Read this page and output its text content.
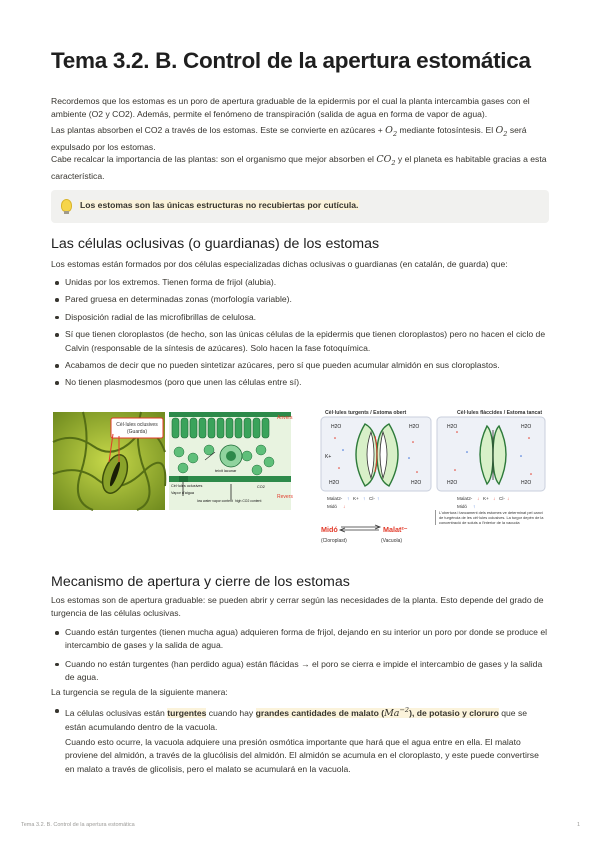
Tema 3.2. B. Control de la apertura estomática

Recordemos que los estomas es un poro de apertura graduable de la epidermis por el cual la planta intercambia gases con el ambiente (O2 y CO2). Además, permite el fenómeno de transpiración (salida de agua en forma de vapor de agua).

Las plantas absorben el CO2 a través de los estomas. Este se convierte en azúcares + $O_2$ mediante fotosíntesis. El $O_2$ será expulsado por los estomas.

Cabe recalcar la importancia de las plantas: son el organismo que mejor absorben el $CO_2$ y el planeta es habitable gracias a esta característica.

Los estomas son las únicas estructuras no recubiertas por cutícula.
Las células oclusivas (o guardianas) de los estomas

Los estomas están formados por dos células especializadas dichas oclusivas o guardianas (en catalán, de guarda) que:

Unidas por los extremos. Tienen forma de frijol (alubia).
Pared gruesa en determinadas zonas (morfología variable).
Disposición radial de las microfibrillas de celulosa.
Sí que tienen cloroplastos (de hecho, son las únicas células de la epidermis que tienen cloroplastos) pero no hacen el ciclo de Calvin (responsable de la síntesis de azúcares). Solo hacen la fase fotoquímica.
Acabamos de decir que no pueden sintetizar azúcares, pero sí que pueden acumular almidón en sus cloroplastos.
No tienen plasmodesmos (poro que unen las células entre sí).
Cèl·lules oclusives
(Guarda)
Anvers
Revers
Cèl·lules oclusives
Vapor d'aigua
teixit lacunar
low water vapor content high CO2 content
CO2
Cèl·lules turgents / Estoma obert	Cèl·lules flàccides / Estoma tancat
H2O	H2O
H2O	H2O
K+
H2O	H2O
H2O	H2O
Malat2- ↑ K+ ↑ Cl- ↑
Midó ↓
Malat2- ↓ K+ ↓ Cl- ↓
Midó ↑
Midó	Malat²⁻
(Cloroplast)	(Vacuola)
L'obertura i tancament dels estomes ve determinat pel canvi de turgència de les cèl·lules oclusives. La turgor depèn de la concentració de soluts a l'interior de la vacuola
Mecanismo de apertura y cierre de los estomas

Los estomas son de apertura graduable: se pueden abrir y cerrar según las necesidades de la planta. Esto depende del grado de turgencia de las células oclusivas.

Cuando están turgentes (tienen mucha agua) adquieren forma de frijol, dejando en su interior un poro por donde se produce el intercambio de gases y la salida de agua.
Cuando no están turgentes (han perdido agua) están flácidas → el poro se cierra e impide el intercambio de gases y la salida de agua.

La turgencia se regula de la siguiente manera:

La células oclusivas están turgentes cuando hay grandes cantidades de malato $(Ma^{-2})$, de potasio y cloruro que se están acumulando dentro de la vacuola.

Cuando esto ocurre, la vacuola adquiere una presión osmótica importante que hará que el agua entre en ella. El malato proviene del almidón, a través de la glucólisis del almidón. El almidón se acumula en el cloroplasto, y este puede convertirse en malato a través de glicolisis, pero el malato se acumulará en la vacuola.

Tema 3.2. B. Control de la apertura estomática	1
